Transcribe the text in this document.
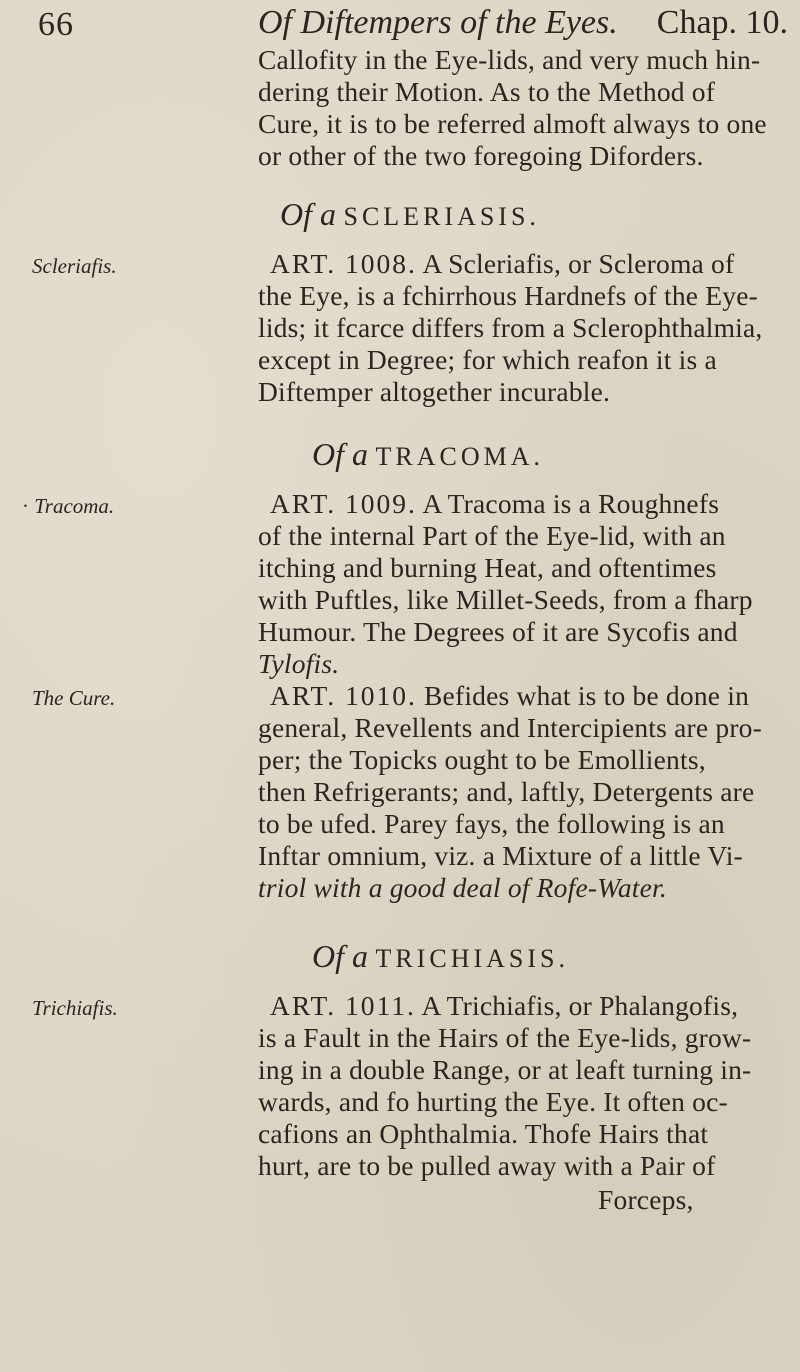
66	Of Diftempers of the Eyes. Chap. 10.
Callofity in the Eye-lids, and very much hin-
dering their Motion. As to the Method of
Cure, it is to be referred almoft always to one
or other of the two foregoing Diforders.
Of a SCLERIASIS.
Scleriafis.	ART. 1008. A Scleriafis, or Scleroma of
the Eye, is a fchirrhous Hardnefs of the Eye-
lids; it fcarce differs from a Sclerophthalmia,
except in Degree; for which reafon it is a
Diftemper altogether incurable.
Of a TRACOMA.
· Tracoma.	ART. 1009. A Tracoma is a Roughnefs
of the internal Part of the Eye-lid, with an
itching and burning Heat, and oftentimes
with Puftles, like Millet-Seeds, from a fharp
Humour. The Degrees of it are Sycofis and
Tylofis.
The Cure.	ART. 1010. Befides what is to be done in
general, Revellents and Intercipients are pro-
per; the Topicks ought to be Emollients,
then Refrigerants; and, laftly, Detergents are
to be ufed. Parey fays, the following is an
Inftar omnium, viz. a Mixture of a little Vi-
triol with a good deal of Rofe-Water.
Of a TRICHIASIS.
Trichiafis.	ART. 1011. A Trichiafis, or Phalangofis,
is a Fault in the Hairs of the Eye-lids, grow-
ing in a double Range, or at leaft turning in-
wards, and fo hurting the Eye. It often oc-
cafions an Ophthalmia. Thofe Hairs that
hurt, are to be pulled away with a Pair of
Forceps,
